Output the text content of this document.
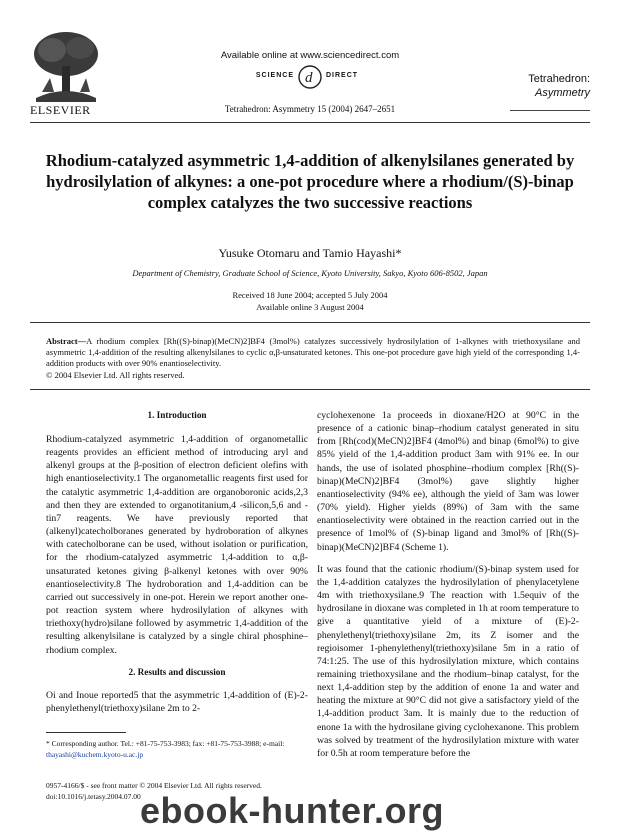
ELSEVIER
Available online at www.sciencedirect.com
SCIENCE d DIRECT
Tetrahedron: Asymmetry 15 (2004) 2647–2651
Tetrahedron:
Asymmetry
Rhodium-catalyzed asymmetric 1,4-addition of alkenylsilanes generated by hydrosilylation of alkynes: a one-pot procedure where a rhodium/(S)-binap complex catalyzes the two successive reactions
Yusuke Otomaru and Tamio Hayashi*
Department of Chemistry, Graduate School of Science, Kyoto University, Sakyo, Kyoto 606-8502, Japan
Received 18 June 2004; accepted 5 July 2004
Available online 3 August 2004
Abstract—A rhodium complex [Rh((S)-binap)(MeCN)2]BF4 (3mol%) catalyzes successively hydrosilylation of 1-alkynes with triethoxysilane and asymmetric 1,4-addition of the resulting alkenylsilanes to cyclic α,β-unsaturated ketones. This one-pot procedure gave high yield of the corresponding 1,4-addition products with over 90% enantioselectivity.
© 2004 Elsevier Ltd. All rights reserved.
1. Introduction

Rhodium-catalyzed asymmetric 1,4-addition of organometallic reagents provides an efficient method of introducing aryl and alkenyl groups at the β-position of electron deficient olefins with high enantioselectivity.1 The organometallic reagents first used for the catalytic asymmetric 1,4-addition are organoboronic acids,2,3 and then they are extended to organotitanium,4 -silicon,5,6 and -tin7 reagents. We have previously reported that (alkenyl)catecholboranes generated by hydroboration of alkynes with catecholborane can be used, without isolation or purification, for the rhodium-catalyzed asymmetric 1,4-addition to α,β-unsaturated ketones giving β-alkenyl ketones with over 90% enantioselectivity.8 The hydroboration and 1,4-addition can be carried out successively in one-pot. Herein we report another one-pot reaction system where hydrosilylation of alkynes with triethoxy(hydro)silane followed by asymmetric 1,4-addition of the resulting alkenylsilane is catalyzed by a single chiral phosphine–rhodium complex.

2. Results and discussion

Oi and Inoue reported5 that the asymmetric 1,4-addition of (E)-2-phenylethenyl(triethoxy)silane 2m to 2-

* Corresponding author. Tel.: +81-75-753-3983; fax: +81-75-753-3988; e-mail: thayashi@kuchem.kyoto-u.ac.jp
0957-4166/$ - see front matter © 2004 Elsevier Ltd. All rights reserved.
doi:10.1016/j.tetasy.2004.07.00

cyclohexenone 1a proceeds in dioxane/H2O at 90°C in the presence of a cationic binap–rhodium catalyst generated in situ from [Rh(cod)(MeCN)2]BF4 (4mol%) and binap (6mol%) to give 85% yield of the 1,4-addition product 3am with 91% ee. In our hands, the use of isolated phosphine–rhodium complex [Rh((S)-binap)(MeCN)2]BF4 (3mol%) gave slightly higher enantioselectivity (94% ee), although the yield of 3am was lower (70% yield). Higher yields (89%) of 3am with the same enantioselectivity were obtained in the reaction carried out in the presence of 1mol% of (S)-binap ligand and 3mol% of [Rh((S)-binap)(MeCN)2]BF4 (Scheme 1).

It was found that the cationic rhodium/(S)-binap system used for the 1,4-addition catalyzes the hydrosilylation of phenylacetylene 4m with triethoxysilane.9 The reaction with 1.5equiv of the hydrosilane in dioxane was completed in 1h at room temperature to give a quantitative yield of a mixture of (E)-2-phenylethenyl(triethoxy)silane 2m, its Z isomer and the regioisomer 1-phenylethenyl(triethoxy)silane 5m in a ratio of 74:1:25. The use of this hydrosilylation mixture, which contains remaining triethoxysilane and the rhodium–binap catalyst, for the next 1,4-addition step by the addition of enone 1a and water and heating the mixture at 90°C did not give a satisfactory yield of the 1,4-addition product 3am. It is mainly due to the reduction of enone 1a with the hydrosilane giving cyclohexanone. This problem was solved by treatment of the hydrosilylation mixture with water for 0.5h at room temperature before the

ebook-hunter.org
